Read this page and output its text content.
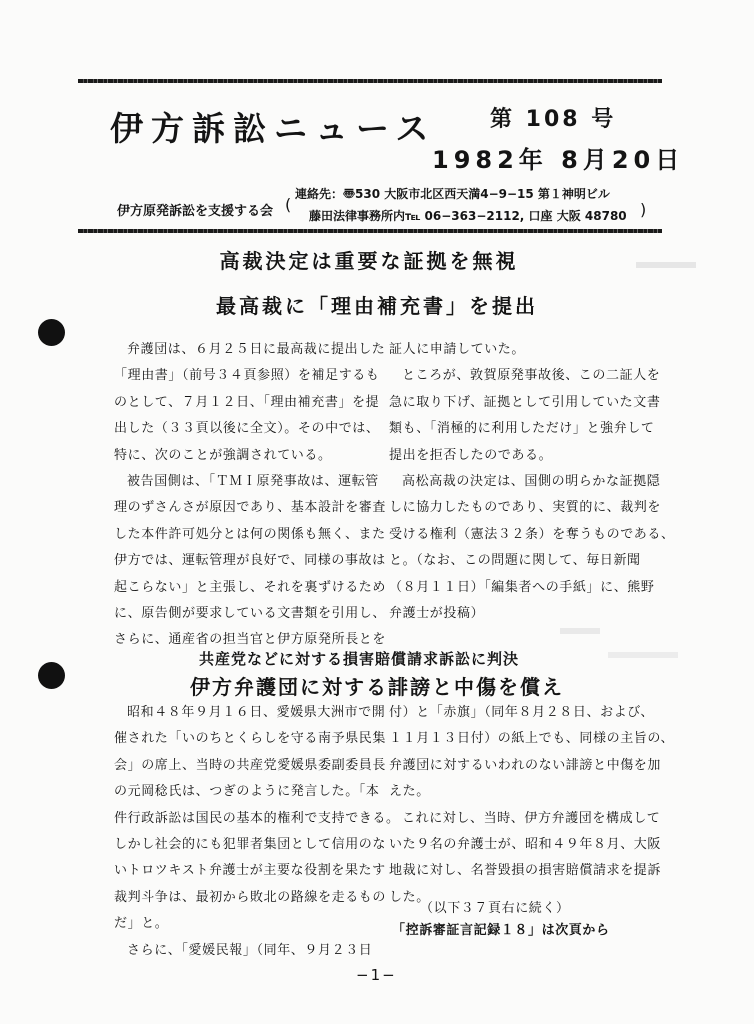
伊方訴訟ニュース 第 108 号
1982年 8月20日
伊方原発訴訟を支援する会 (
連絡先：〠530 大阪市北区西天満4−9−15 第１神明ビル
藤田法律事務所内℡ 06−363−2112, 口座 大阪 48780 )
高裁決定は重要な証拠を無視
最高裁に「理由補充書」を提出

弁護団は、６月２５日に最高裁に提出した

「理由書」（前号３４頁参照）を補足するも

のとして、７月１２日、「理由補充書」を提

出した（３３頁以後に全文）。その中では、

特に、次のことが強調されている。

被告国側は、「ＴＭＩ原発事故は、運転管

理のずさんさが原因であり、基本設計を審査

した本件許可処分とは何の関係も無く、また

伊方では、運転管理が良好で、同様の事故は

起こらない」と主張し、それを裏ずけるため

に、原告側が要求している文書類を引用し、

さらに、通産省の担当官と伊方原発所長とを

証人に申請していた。

ところが、敦賀原発事故後、この二証人を

急に取り下げ、証拠として引用していた文書

類も、「消極的に利用しただけ」と強弁して

提出を拒否したのである。

高松高裁の決定は、国側の明らかな証拠隠

しに協力したものであり、実質的に、裁判を

受ける権利（憲法３２条）を奪うものである、

と。（なお、この問題に関して、毎日新聞

（８月１１日）「編集者への手紙」に、熊野

弁護士が投稿）

共産党などに対する損害賠償請求訴訟に判決
伊方弁護団に対する誹謗と中傷を償え

昭和４８年９月１６日、愛媛県大洲市で開

催された「いのちとくらしを守る南予県民集

会」の席上、当時の共産党愛媛県委副委員長

の元岡稔氏は、つぎのように発言した。「本

件行政訴訟は国民の基本的権利で支持できる。

しかし社会的にも犯罪者集団として信用のな

いトロツキスト弁護士が主要な役割を果たす

裁判斗争は、最初から敗北の路線を走るもの

だ」と。

さらに、「愛媛民報」（同年、９月２３日

付）と「赤旗」（同年８月２８日、および、

１１月１３日付）の紙上でも、同様の主旨の、

弁護団に対するいわれのない誹謗と中傷を加

えた。

これに対し、当時、伊方弁護団を構成して

いた９名の弁護士が、昭和４９年８月、大阪

地裁に対し、名誉毀損の損害賠償請求を提訴

した。

（以下３７頁右に続く）
「控訴審証言記録１８」は次頁から
−1−
